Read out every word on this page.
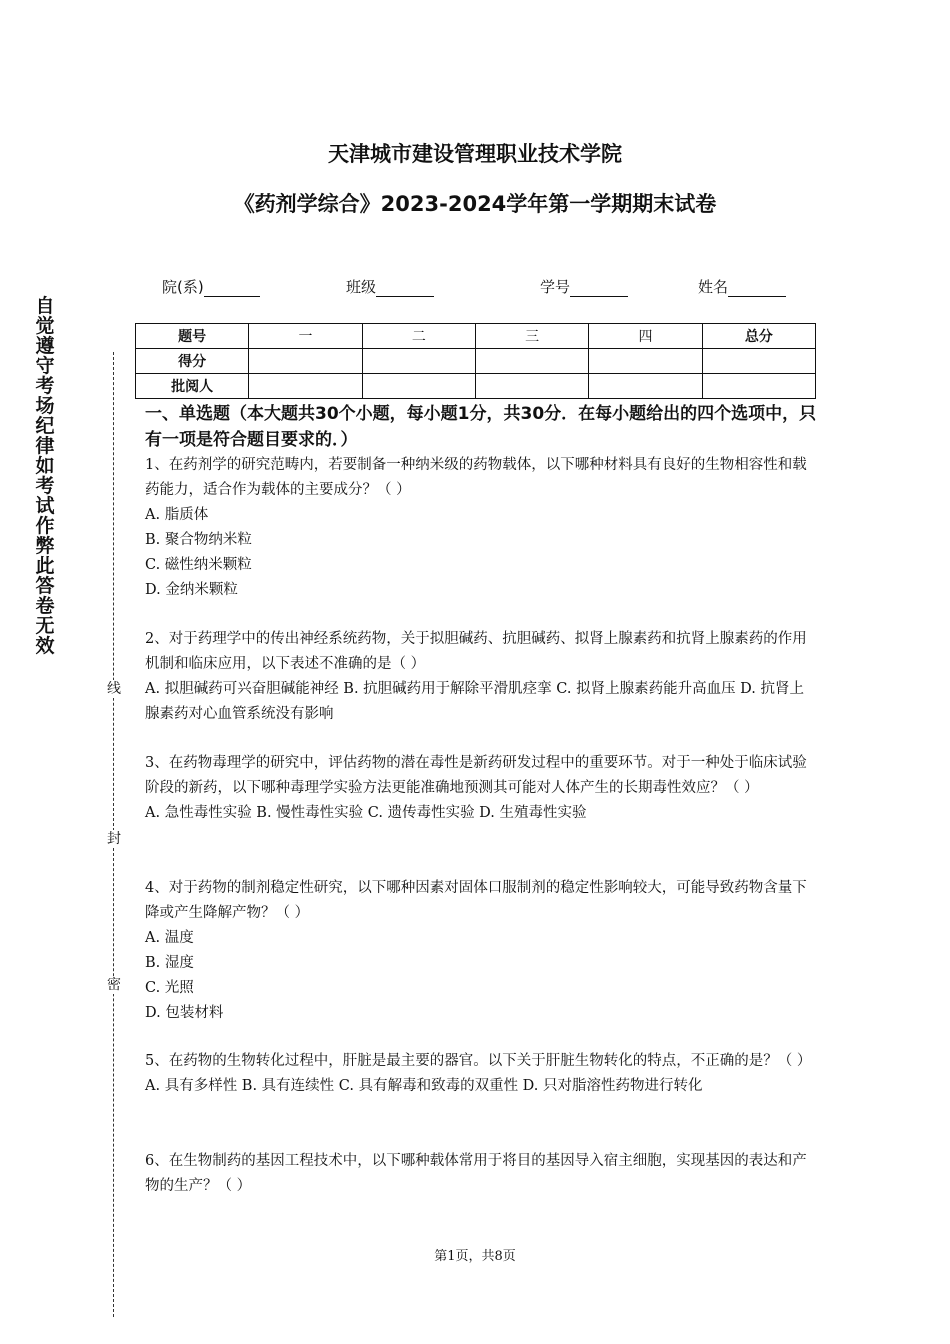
天津城市建设管理职业技术学院
《药剂学综合》2023-2024学年第一学期期末试卷
院(系)	班级	学号	姓名
题号	一	二	三	四	总分
得分					
批阅人					
自觉遵守考场纪律如考试作弊此答卷无效
线
封
密
一、单选题（本大题共30个小题，每小题1分，共30分．在每小题给出的四个选项中，只有一项是符合题目要求的．）

1、在药剂学的研究范畴内，若要制备一种纳米级的药物载体，以下哪种材料具有良好的生物相容性和载药能力，适合作为载体的主要成分？（ ）

A. 脂质体

B. 聚合物纳米粒

C. 磁性纳米颗粒

D. 金纳米颗粒

2、对于药理学中的传出神经系统药物，关于拟胆碱药、抗胆碱药、拟肾上腺素药和抗肾上腺素药的作用机制和临床应用，以下表述不准确的是（ ）

A. 拟胆碱药可兴奋胆碱能神经 B. 抗胆碱药用于解除平滑肌痉挛 C. 拟肾上腺素药能升高血压 D. 抗肾上腺素药对心血管系统没有影响

3、在药物毒理学的研究中，评估药物的潜在毒性是新药研发过程中的重要环节。对于一种处于临床试验阶段的新药，以下哪种毒理学实验方法更能准确地预测其可能对人体产生的长期毒性效应？（ ）

A. 急性毒性实验 B. 慢性毒性实验 C. 遗传毒性实验 D. 生殖毒性实验

4、对于药物的制剂稳定性研究，以下哪种因素对固体口服制剂的稳定性影响较大，可能导致药物含量下降或产生降解产物？（ ）

A. 温度

B. 湿度

C. 光照

D. 包装材料

5、在药物的生物转化过程中，肝脏是最主要的器官。以下关于肝脏生物转化的特点，不正确的是？（ ）

A. 具有多样性 B. 具有连续性 C. 具有解毒和致毒的双重性 D. 只对脂溶性药物进行转化

6、在生物制药的基因工程技术中，以下哪种载体常用于将目的基因导入宿主细胞，实现基因的表达和产物的生产？（ ）

第1页，共8页
